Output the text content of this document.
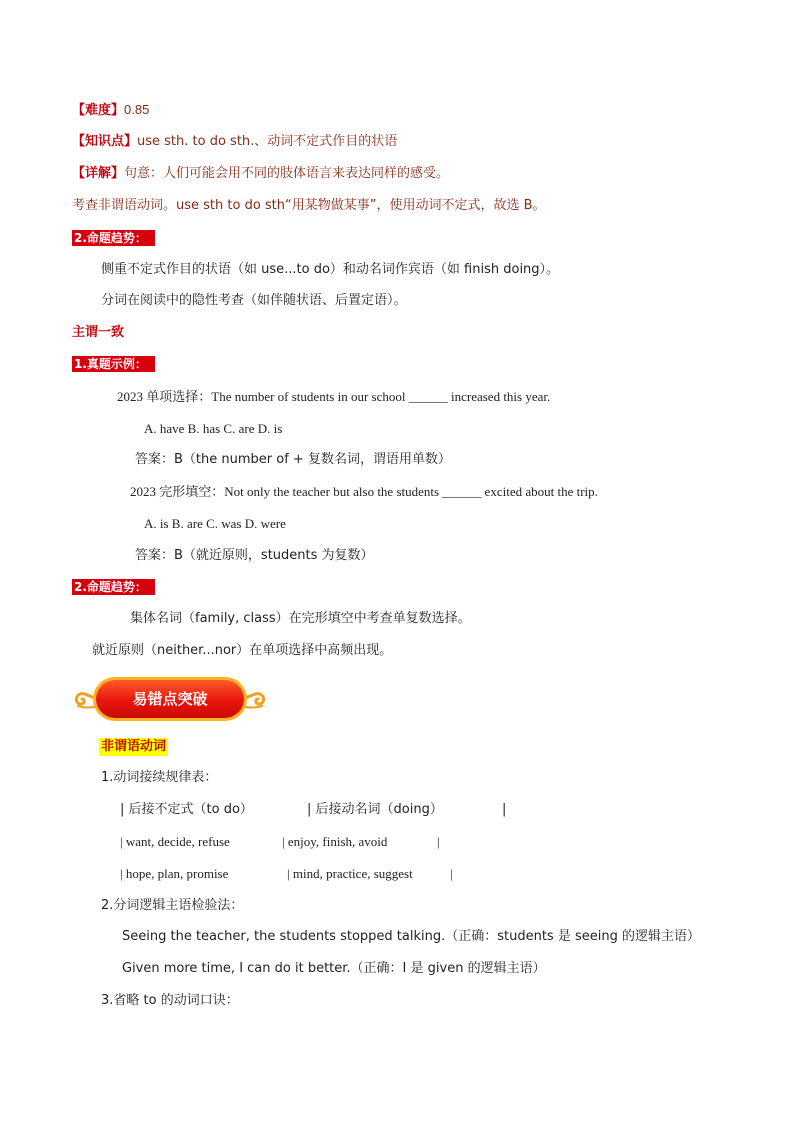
【难度】0.85
【知识点】use sth. to do sth.、动词不定式作目的状语
【详解】句意：人们可能会用不同的肢体语言来表达同样的感受。
考查非谓语动词。use sth to do sth“用某物做某事”，使用动词不定式，故选 B。
2.命题趋势：
侧重不定式作目的状语（如 use...to do）和动名词作宾语（如 finish doing）。
分词在阅读中的隐性考查（如伴随状语、后置定语）。
主谓一致
1.真题示例：
2023 单项选择：The number of students in our school ______ increased this year.
A. have B. has C. are D. is
答案：B（the number of + 复数名词，谓语用单数）
2023 完形填空：Not only the teacher but also the students ______ excited about the trip.
A. is B. are C. was D. were
答案：B（就近原则，students 为复数）
2.命题趋势：
集体名词（family, class）在完形填空中考查单复数选择。
就近原则（neither...nor）在单项选择中高频出现。
易错点突破
非谓语动词
1.动词接续规律表：
| 后接不定式（to do）	| 后接动名词（doing）	|
| want, decide, refuse	| enjoy, finish, avoid	|
| hope, plan, promise	| mind, practice, suggest	|
2.分词逻辑主语检验法：
Seeing the teacher, the students stopped talking.（正确：students 是 seeing 的逻辑主语）
Given more time, I can do it better.（正确：I 是 given 的逻辑主语）
3.省略 to 的动词口诀：
